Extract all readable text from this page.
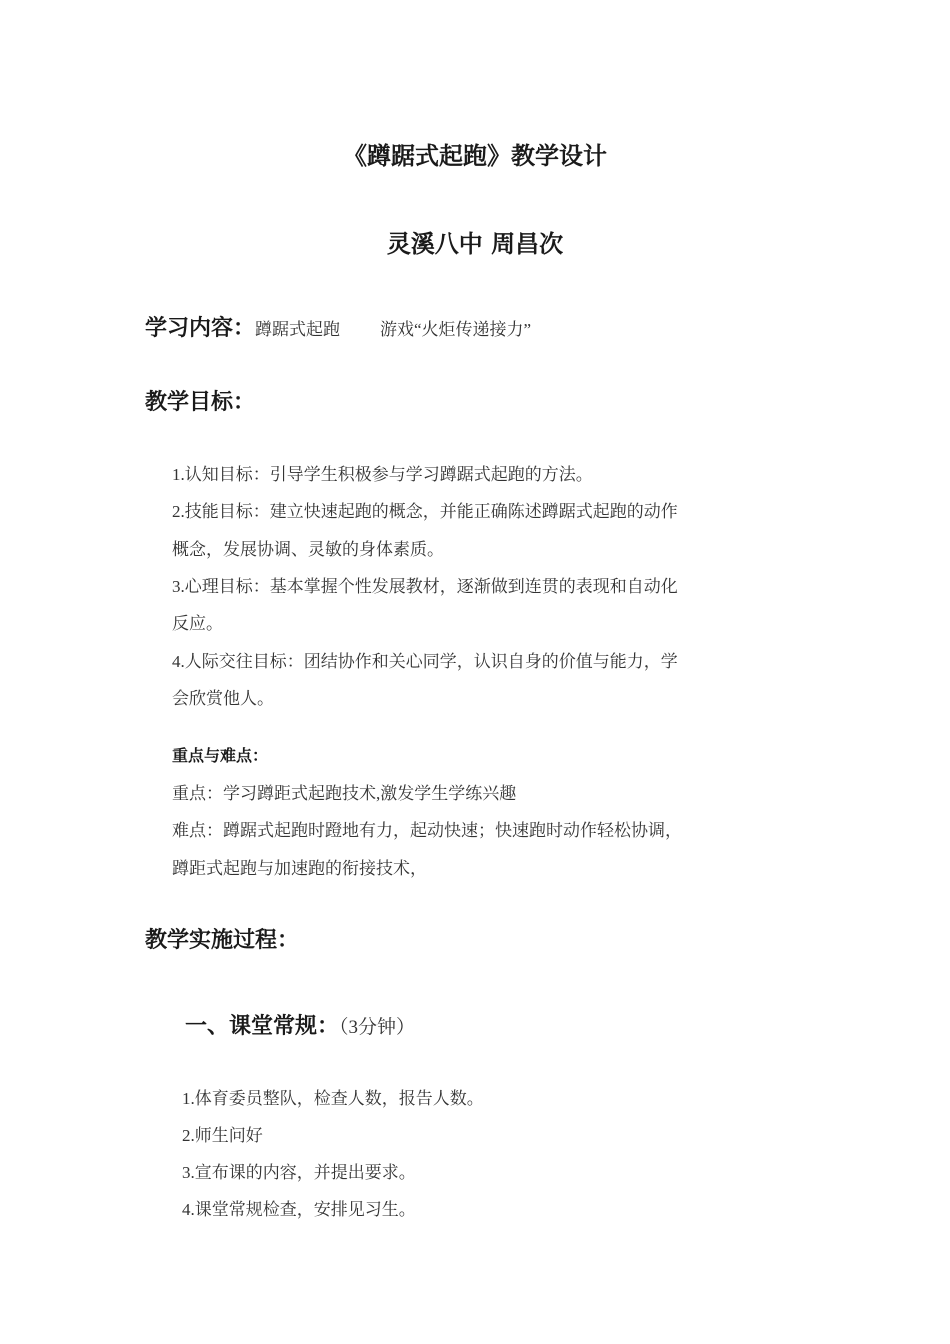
《蹲踞式起跑》教学设计
灵溪八中 周昌次
学习内容：蹲踞式起跑 游戏“火炬传递接力”
教学目标：
1.认知目标：引导学生积极参与学习蹲踞式起跑的方法。
2.技能目标：建立快速起跑的概念，并能正确陈述蹲踞式起跑的动作
概念，发展协调、灵敏的身体素质。
3.心理目标：基本掌握个性发展教材，逐渐做到连贯的表现和自动化
反应。
4.人际交往目标：团结协作和关心同学，认识自身的价值与能力，学
会欣赏他人。
重点与难点：
重点：学习蹲距式起跑技术,激发学生学练兴趣
难点：蹲踞式起跑时蹬地有力，起动快速；快速跑时动作轻松协调，
蹲距式起跑与加速跑的衔接技术，
教学实施过程：
一、课堂常规：（3分钟）
1.体育委员整队，检查人数，报告人数。
2.师生问好
3.宣布课的内容，并提出要求。
4.课堂常规检查，安排见习生。
